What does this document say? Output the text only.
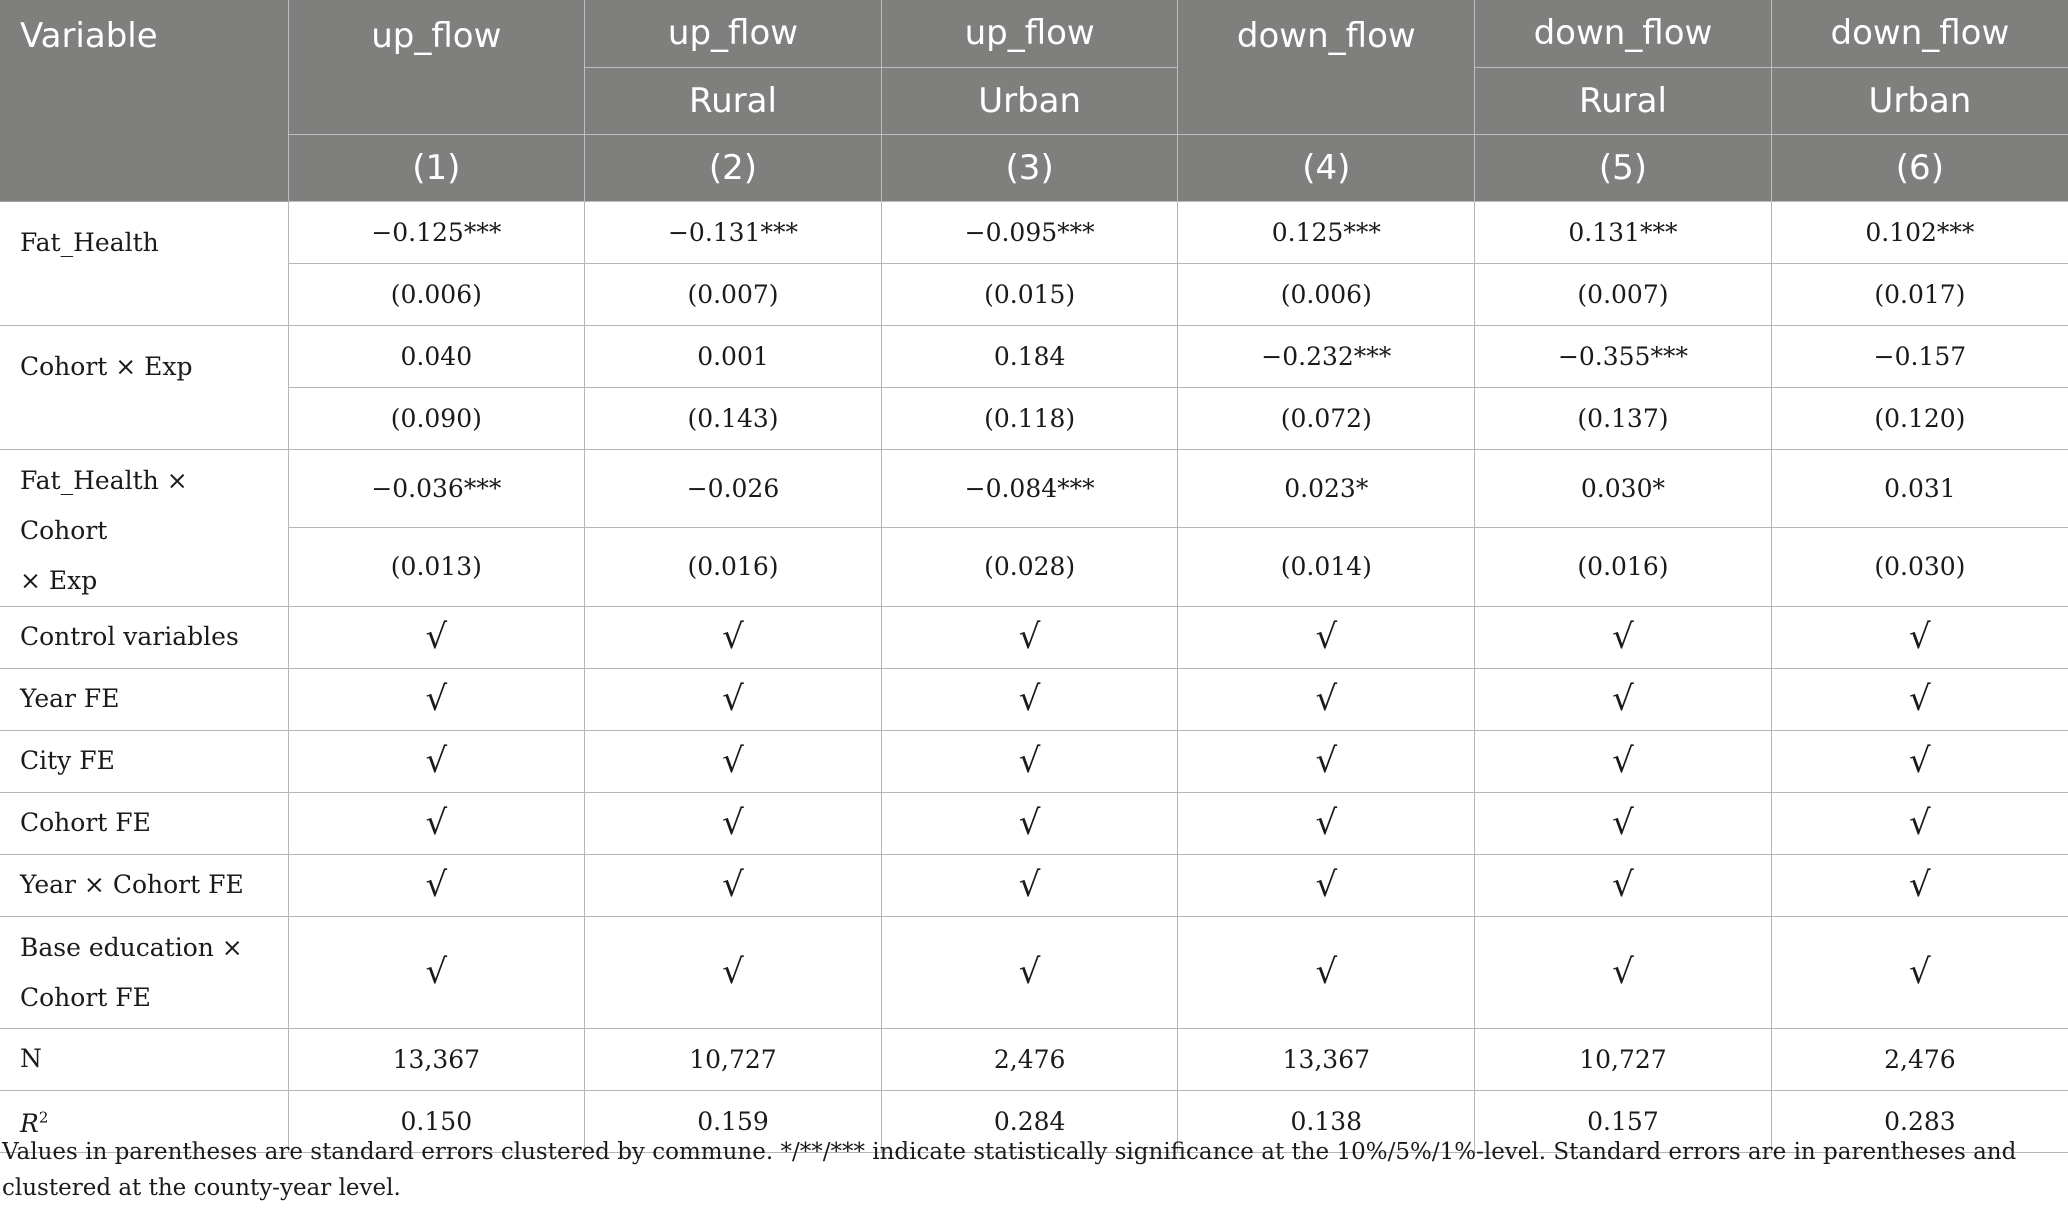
Variable	up_flow	up_flow	up_flow	down_flow	down_flow	down_flow
		Rural	Urban		Rural	Urban
	(1)	(2)	(3)	(4)	(5)	(6)
Fat_Health	−0.125***	−0.131***	−0.095***	0.125***	0.131***	0.102***
	(0.006)	(0.007)	(0.015)	(0.006)	(0.007)	(0.017)
Cohort × Exp	0.040	0.001	0.184	−0.232***	−0.355***	−0.157
	(0.090)	(0.143)	(0.118)	(0.072)	(0.137)	(0.120)
Fat_Health × Cohort
× Exp	−0.036***	−0.026	−0.084***	0.023*	0.030*	0.031
	(0.013)	(0.016)	(0.028)	(0.014)	(0.016)	(0.030)
Control variables	√	√	√	√	√	√
Year FE	√	√	√	√	√	√
City FE	√	√	√	√	√	√
Cohort FE	√	√	√	√	√	√
Year × Cohort FE	√	√	√	√	√	√
Base education ×
Cohort FE	√	√	√	√	√	√
N	13,367	10,727	2,476	13,367	10,727	2,476
$R^2$	0.150	0.159	0.284	0.138	0.157	0.283
Values in parentheses are standard errors clustered by commune. */**/*** indicate statistically significance at the 10%/5%/1%-level. Standard errors are in parentheses and clustered at the county-year level.
